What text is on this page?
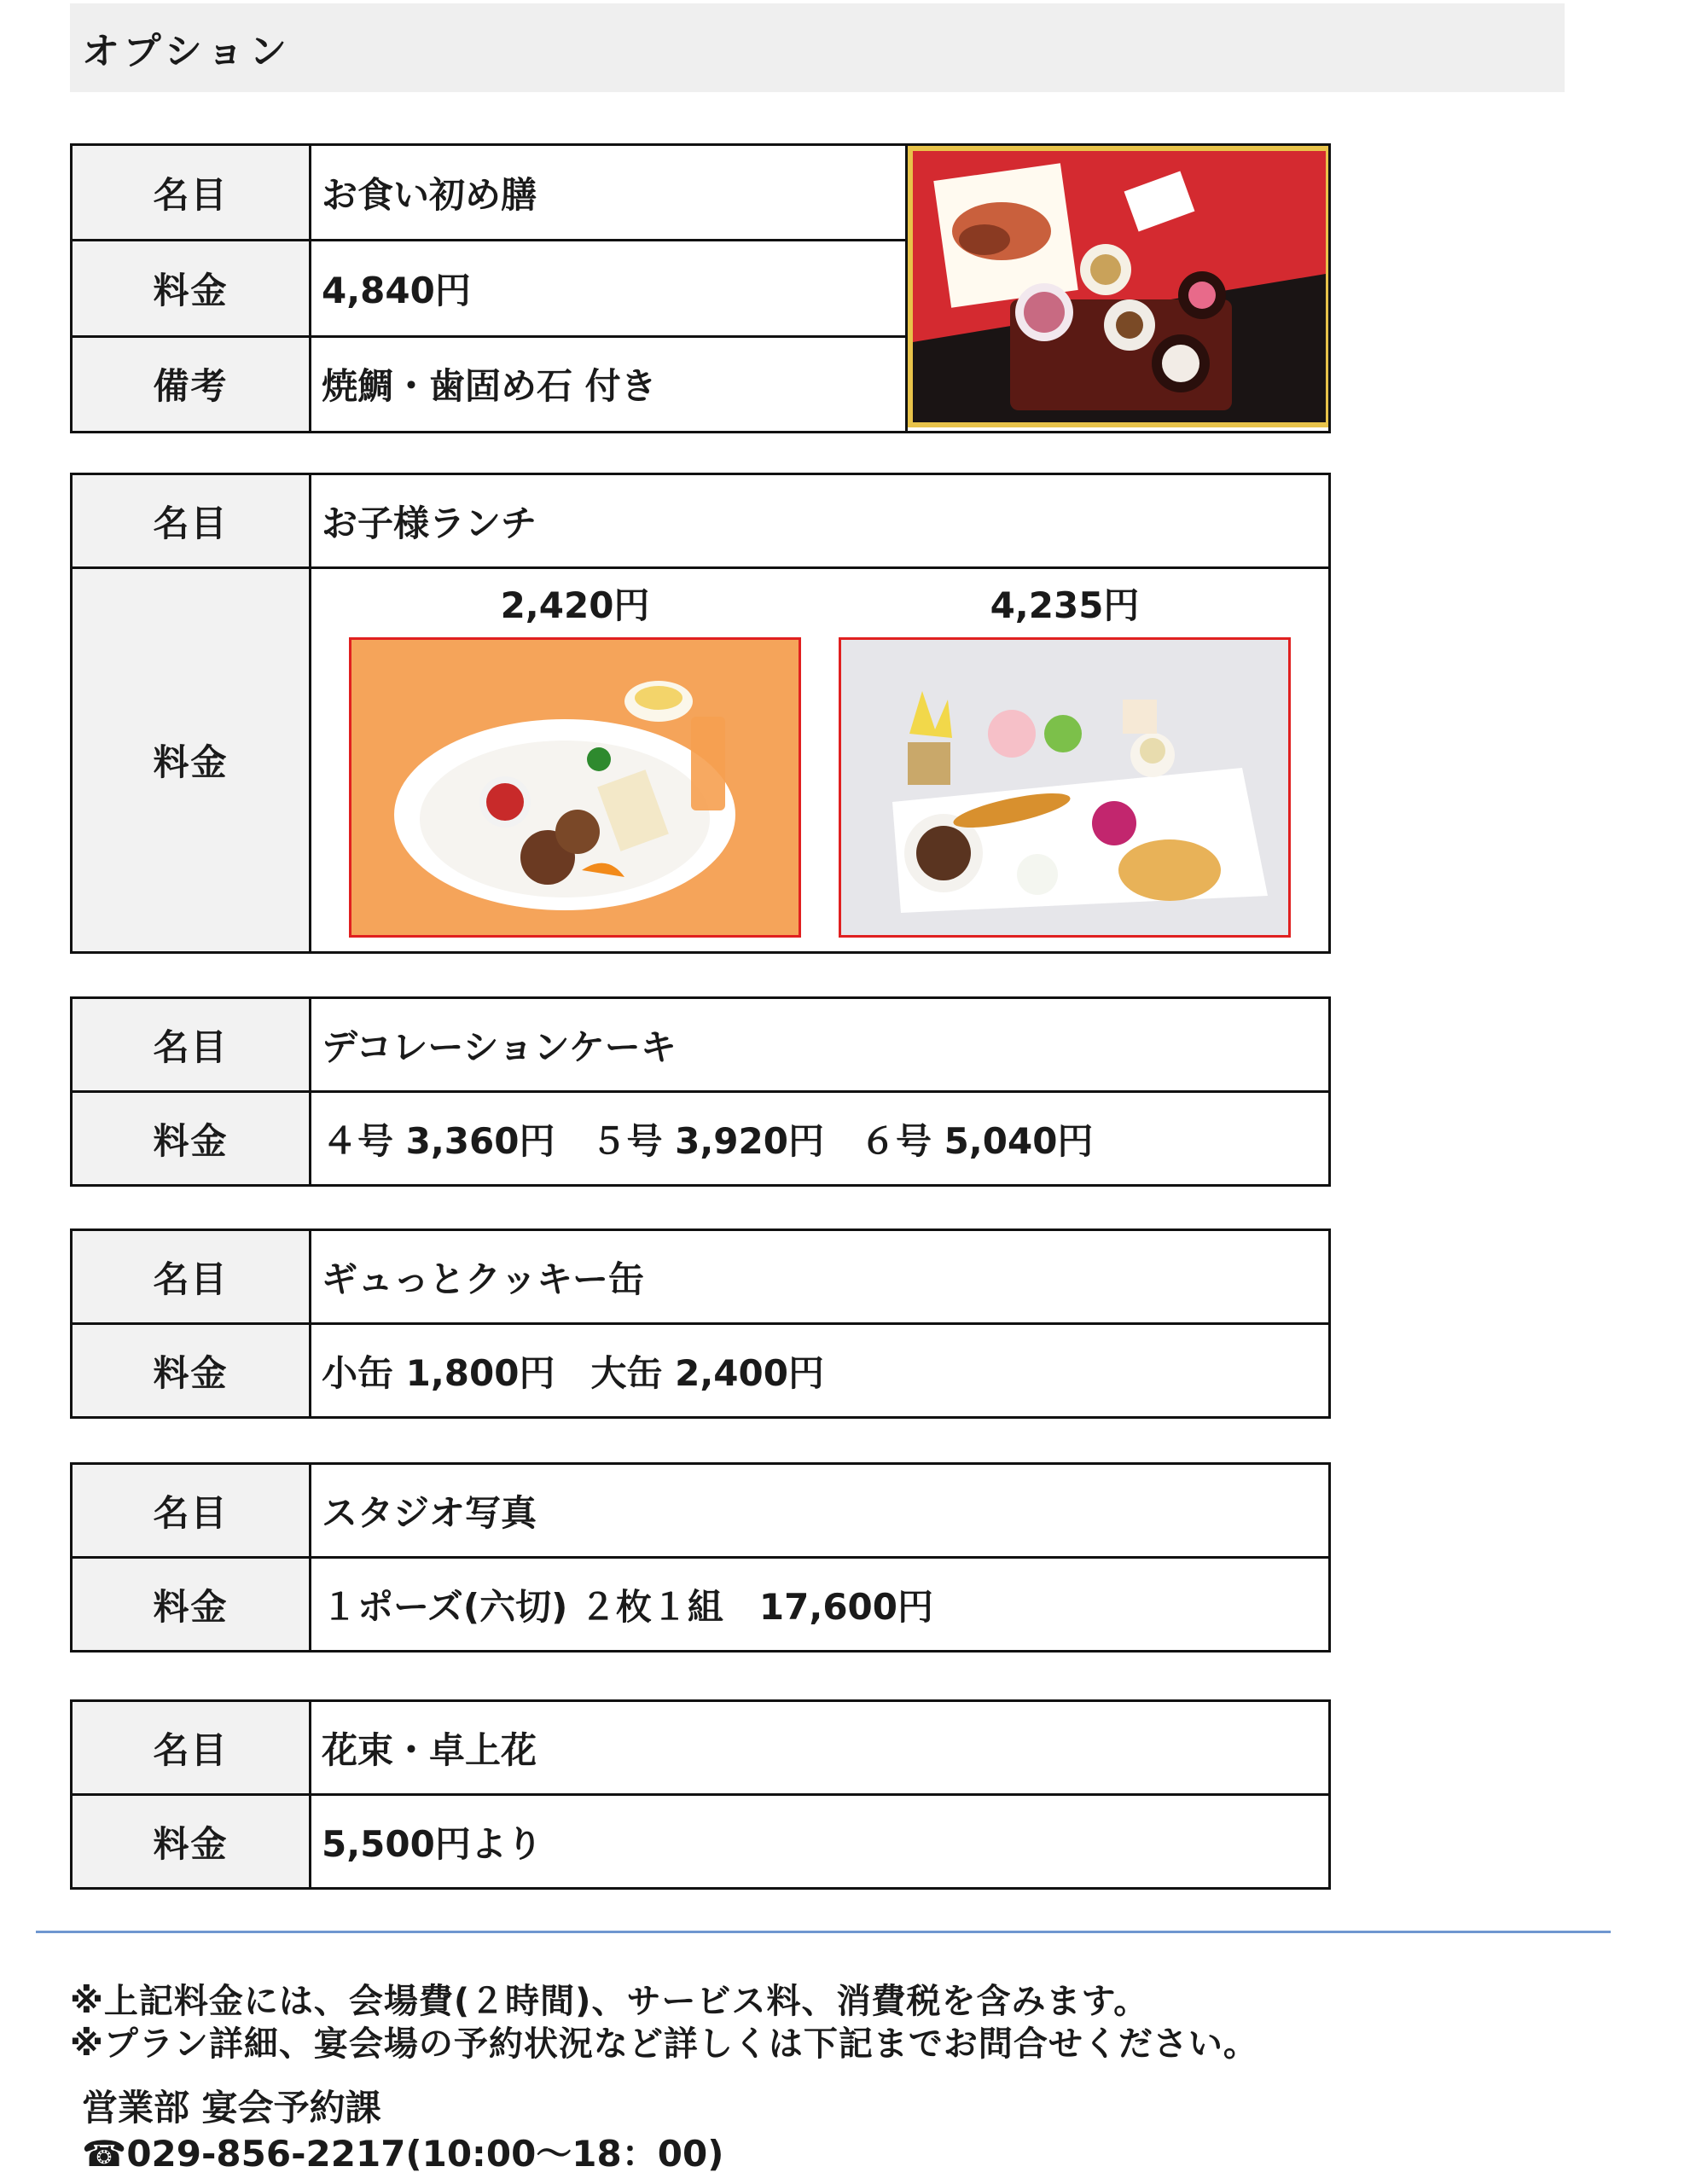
オプション
名目	お食い初め膳	

料金	4,840円	
備考	焼鯛・歯固め石 付き	
名目	お子様ランチ
料金	2,420円 4,235円
名目	デコレーションケーキ
料金	４号 3,360円　５号 3,920円　６号 5,040円
名目	ギュっとクッキー缶
料金	小缶 1,800円　大缶 2,400円
名目	スタジオ写真
料金	１ポーズ(六切) ２枚１組　17,600円
名目	花束・卓上花
料金	5,500円より
※上記料金には、会場費(２時間)、サービス料、消費税を含みます。
※プラン詳細、宴会場の予約状況など詳しくは下記までお問合せください。
営業部 宴会予約課
☎029‐856‐2217(10:00〜18：00)
